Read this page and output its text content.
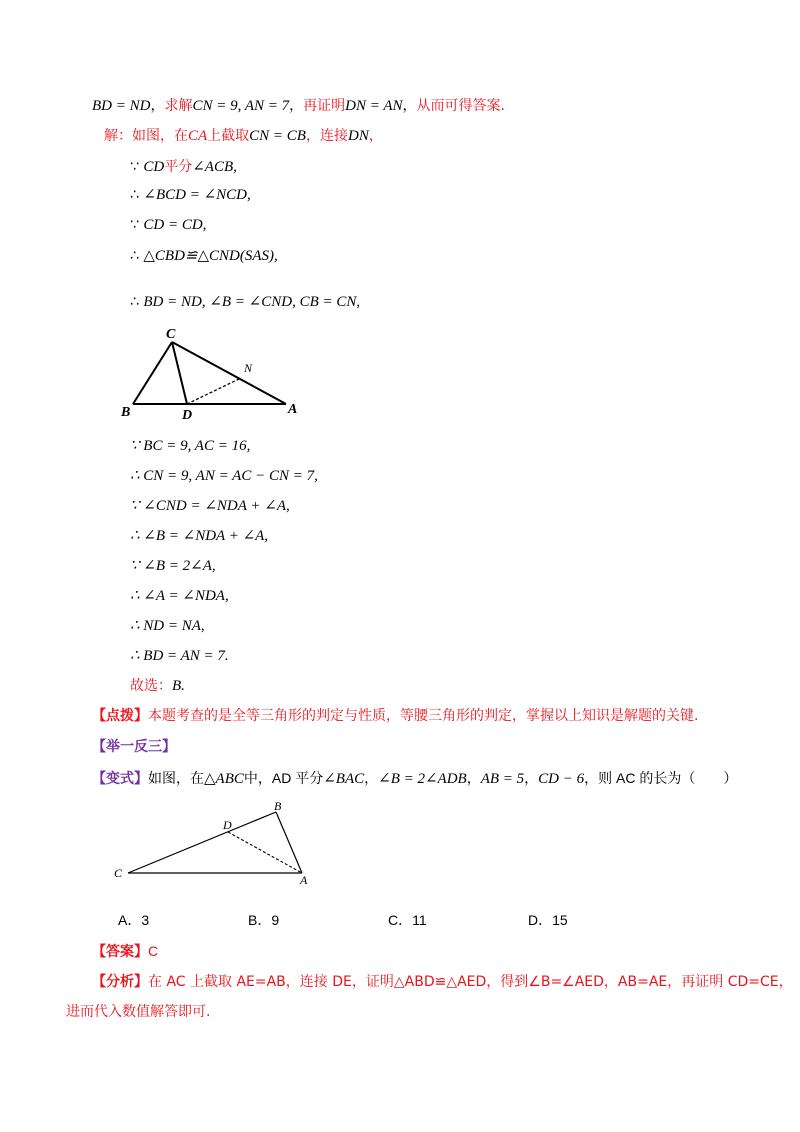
BD = ND，求解CN = 9, AN = 7，再证明DN = AN，从而可得答案.
解：如图，在CA上截取CN = CB，连接DN，
∵ CD平分∠ACB,
∴ ∠BCD = ∠NCD,
∵ CD = CD,
∴ △CBD≌△CND(SAS),
∴ BD = ND, ∠B = ∠CND, CB = CN,
C
N
B	D	A
∵ BC = 9, AC = 16,
∴ CN = 9, AN = AC − CN = 7,
∵ ∠CND = ∠NDA + ∠A,
∴ ∠B = ∠NDA + ∠A,
∵ ∠B = 2∠A,
∴ ∠A = ∠NDA,
∴ ND = NA,
∴ BD = AN = 7.
故选：B.
【点拨】本题考查的是全等三角形的判定与性质，等腰三角形的判定，掌握以上知识是解题的关键.
【举一反三】
【变式】如图，在△ABC中，AD 平分∠BAC，∠B = 2∠ADB，AB = 5，CD − 6，则 AC 的长为（　　）
B
D
C	A
A．3	B．9	C．11	D．15
【答案】C
【分析】在 AC 上截取 AE=AB，连接 DE，证明△ABD≌△AED，得到∠B=∠AED，AB=AE，再证明 CD=CE，
进而代入数值解答即可.
